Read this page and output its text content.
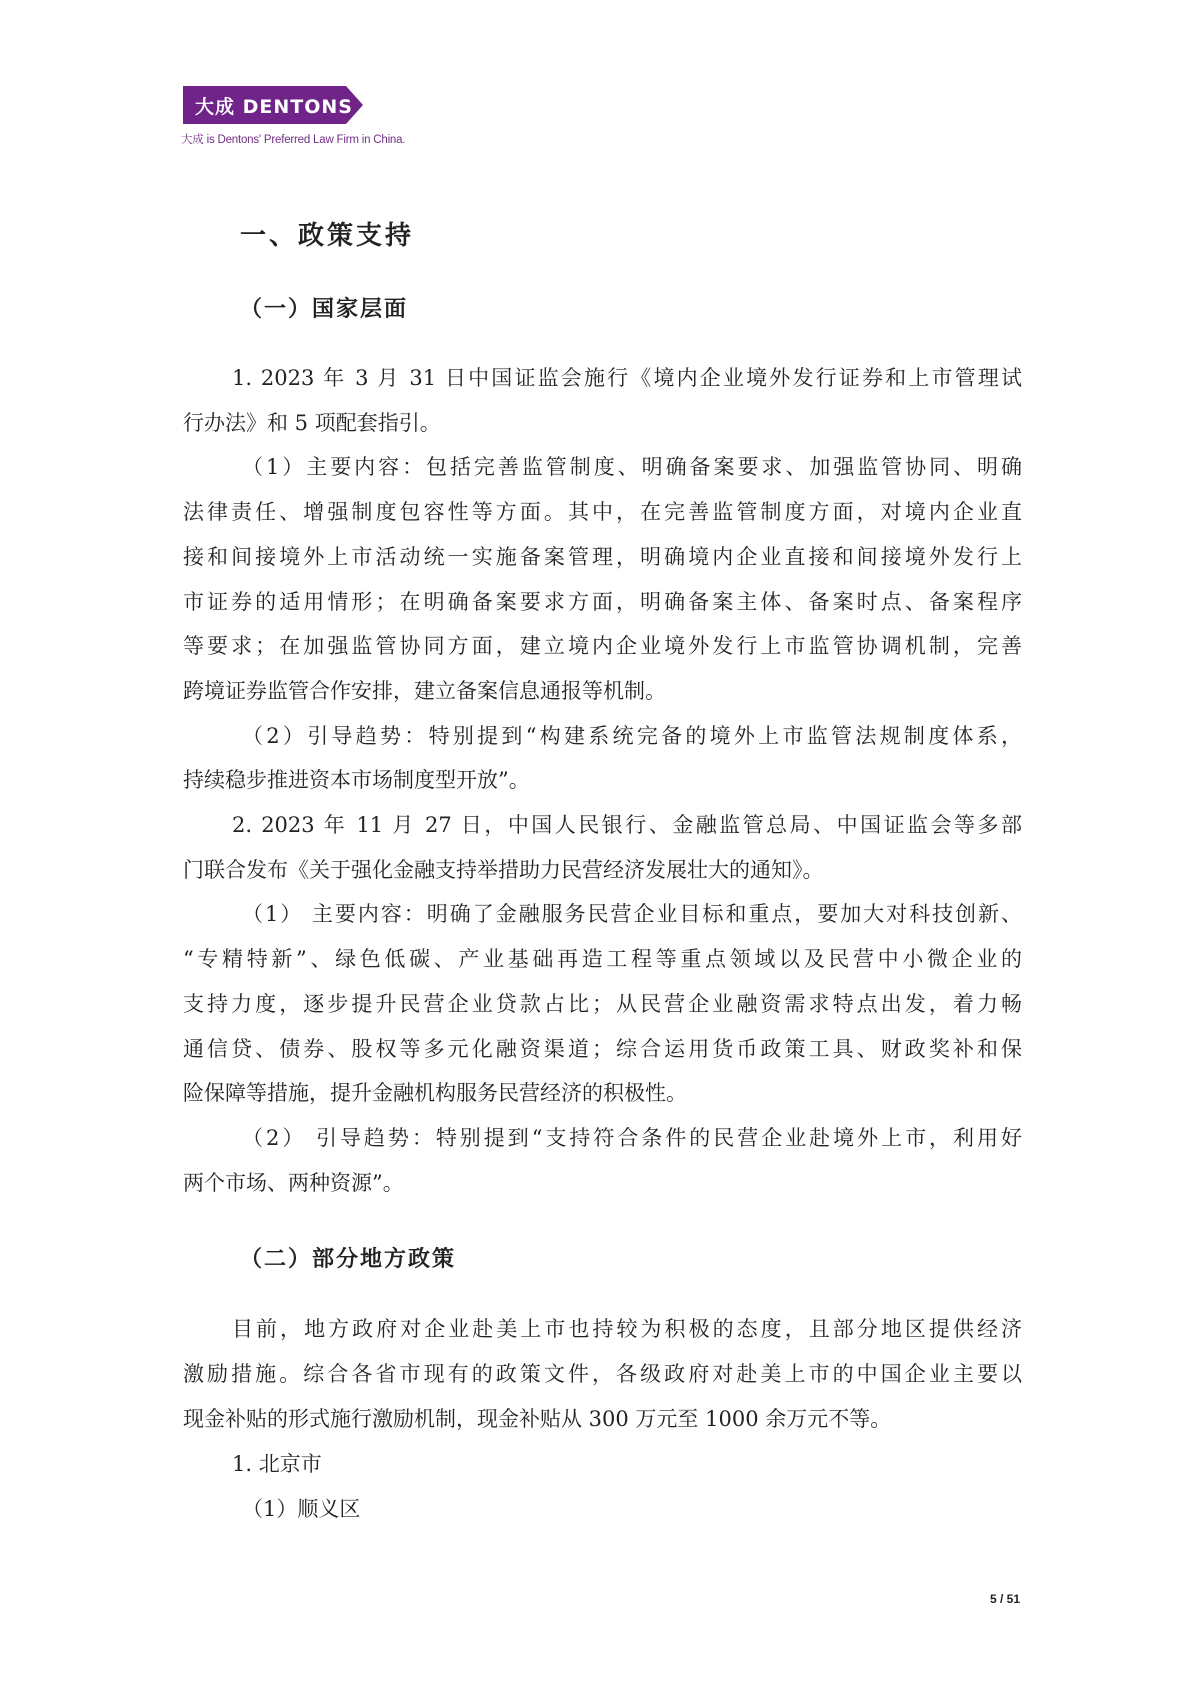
大成 DENTONS
大成 is Dentons' Preferred Law Firm in China.
一、政策支持
（一）国家层面
1. 2023 年 3 月 31 日中国证监会施行《境内企业境外发行证券和上市管理试
行办法》和 5 项配套指引。
（1）主要内容：包括完善监管制度、明确备案要求、加强监管协同、明确
法律责任、增强制度包容性等方面。其中，在完善监管制度方面，对境内企业直
接和间接境外上市活动统一实施备案管理，明确境内企业直接和间接境外发行上
市证券的适用情形；在明确备案要求方面，明确备案主体、备案时点、备案程序
等要求；在加强监管协同方面，建立境内企业境外发行上市监管协调机制，完善
跨境证券监管合作安排，建立备案信息通报等机制。
（2）引导趋势：特别提到“构建系统完备的境外上市监管法规制度体系，
持续稳步推进资本市场制度型开放”。
2. 2023 年 11 月 27 日，中国人民银行、金融监管总局、中国证监会等多部
门联合发布《关于强化金融支持举措助力民营经济发展壮大的通知》。
（1） 主要内容：明确了金融服务民营企业目标和重点，要加大对科技创新、
“专精特新”、绿色低碳、产业基础再造工程等重点领域以及民营中小微企业的
支持力度，逐步提升民营企业贷款占比；从民营企业融资需求特点出发，着力畅
通信贷、债券、股权等多元化融资渠道；综合运用货币政策工具、财政奖补和保
险保障等措施，提升金融机构服务民营经济的积极性。
（2） 引导趋势：特别提到“支持符合条件的民营企业赴境外上市，利用好
两个市场、两种资源”。
（二）部分地方政策
目前，地方政府对企业赴美上市也持较为积极的态度，且部分地区提供经济
激励措施。综合各省市现有的政策文件，各级政府对赴美上市的中国企业主要以
现金补贴的形式施行激励机制，现金补贴从 300 万元至 1000 余万元不等。
1. 北京市
（1）顺义区
5 / 51
